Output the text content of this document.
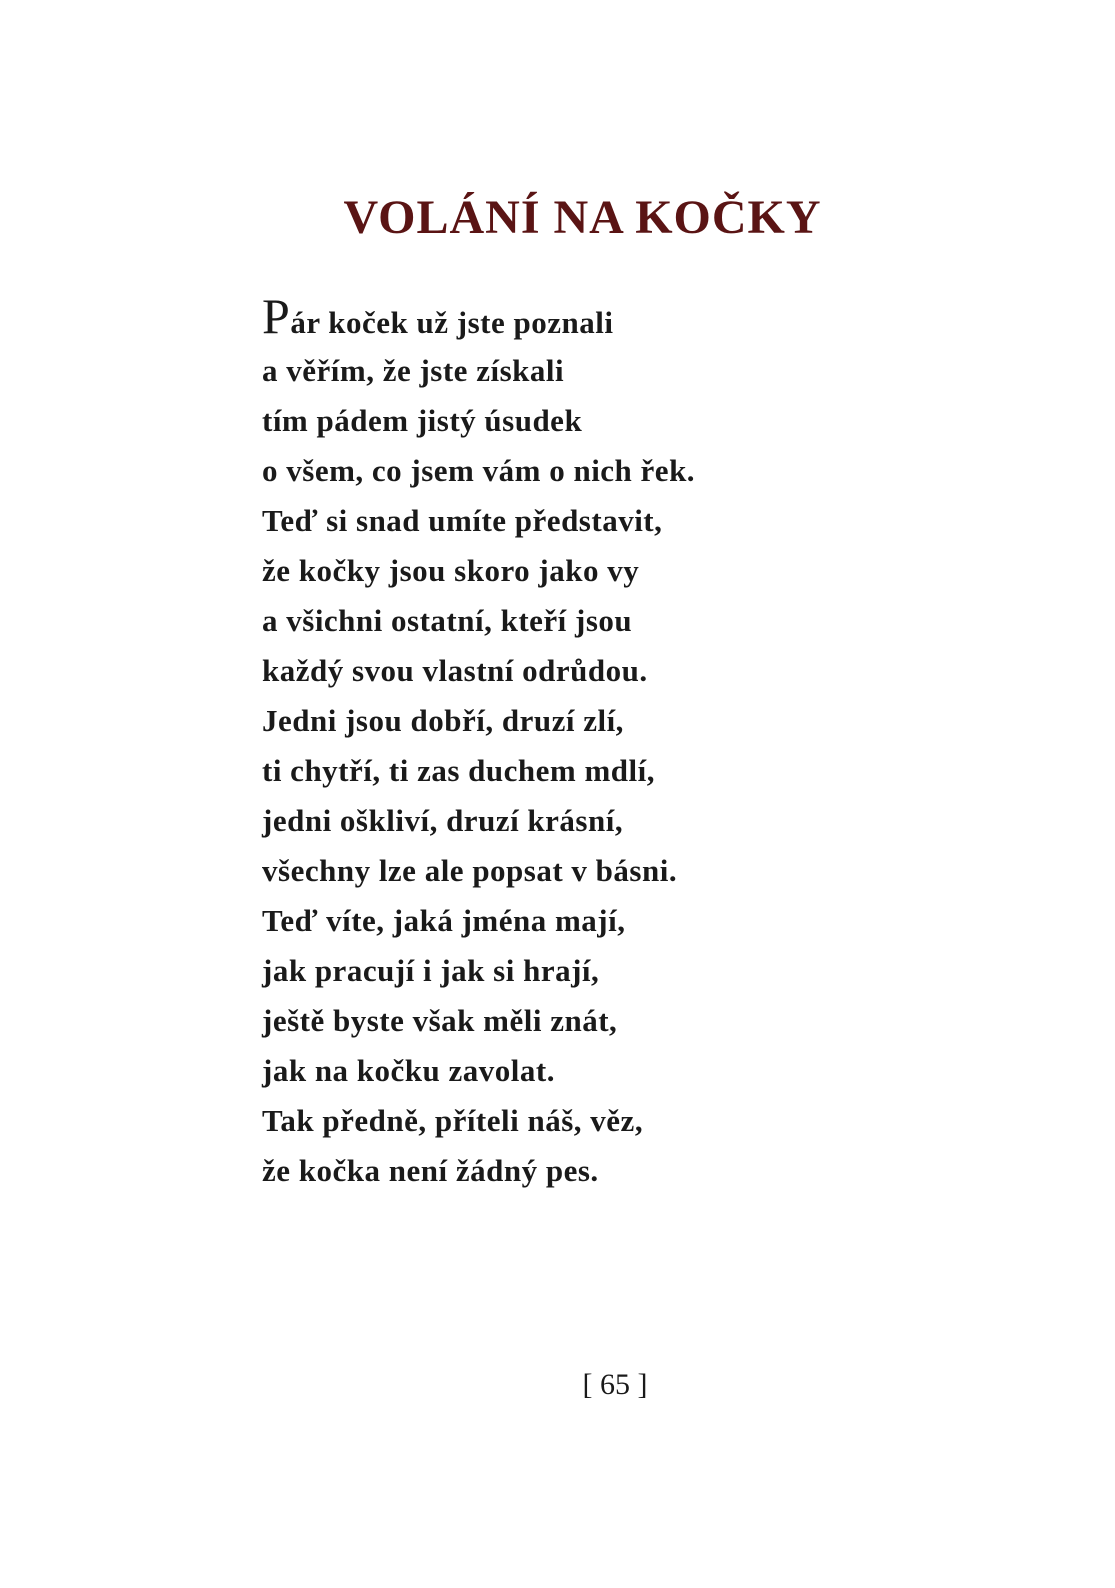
VOLÁNÍ NA KOČKY
Pár koček už jste poznali
a věřím, že jste získali
tím pádem jistý úsudek
o všem, co jsem vám o nich řek.
Teď si snad umíte představit,
že kočky jsou skoro jako vy
a všichni ostatní, kteří jsou
každý svou vlastní odrůdou.
Jedni jsou dobří, druzí zlí,
ti chytří, ti zas duchem mdlí,
jedni oškliví, druzí krásní,
všechny lze ale popsat v básni.
Teď víte, jaká jména mají,
jak pracují i jak si hrají,
ještě byste však měli znát,
jak na kočku zavolat.
Tak předně, příteli náš, věz,
že kočka není žádný pes.
[ 65 ]
